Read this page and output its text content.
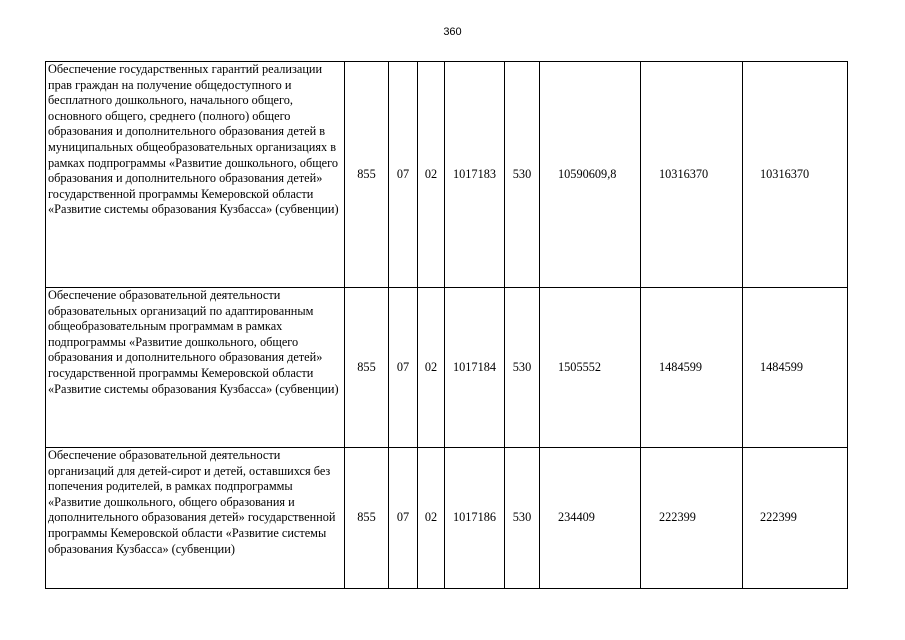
360
Обеспечение государственных гарантий реализации прав граждан на получение общедоступного и бесплатного дошкольного, начального общего, основного общего, среднего (полного) общего образования и дополнительного образования детей в муниципальных общеобразовательных организациях в рамках подпрограммы «Развитие дошкольного, общего образования и дополнительного образования детей» государственной программы Кемеровской области «Развитие системы образования Кузбасса» (субвенции)	855	07	02	1017183	530	10590609,8	10316370	10316370
Обеспечение образовательной деятельности образовательных организаций по адаптированным общеобразовательным программам в рамках подпрограммы «Развитие дошкольного, общего образования и дополнительного образования детей» государственной программы Кемеровской области «Развитие системы образования Кузбасса» (субвенции)	855	07	02	1017184	530	1505552	1484599	1484599
Обеспечение образовательной деятельности организаций для детей-сирот и детей, оставшихся без попечения родителей, в рамках подпрограммы «Развитие дошкольного, общего образования и дополнительного образования детей» государственной программы Кемеровской области «Развитие системы образования Кузбасса» (субвенции)	855	07	02	1017186	530	234409	222399	222399
